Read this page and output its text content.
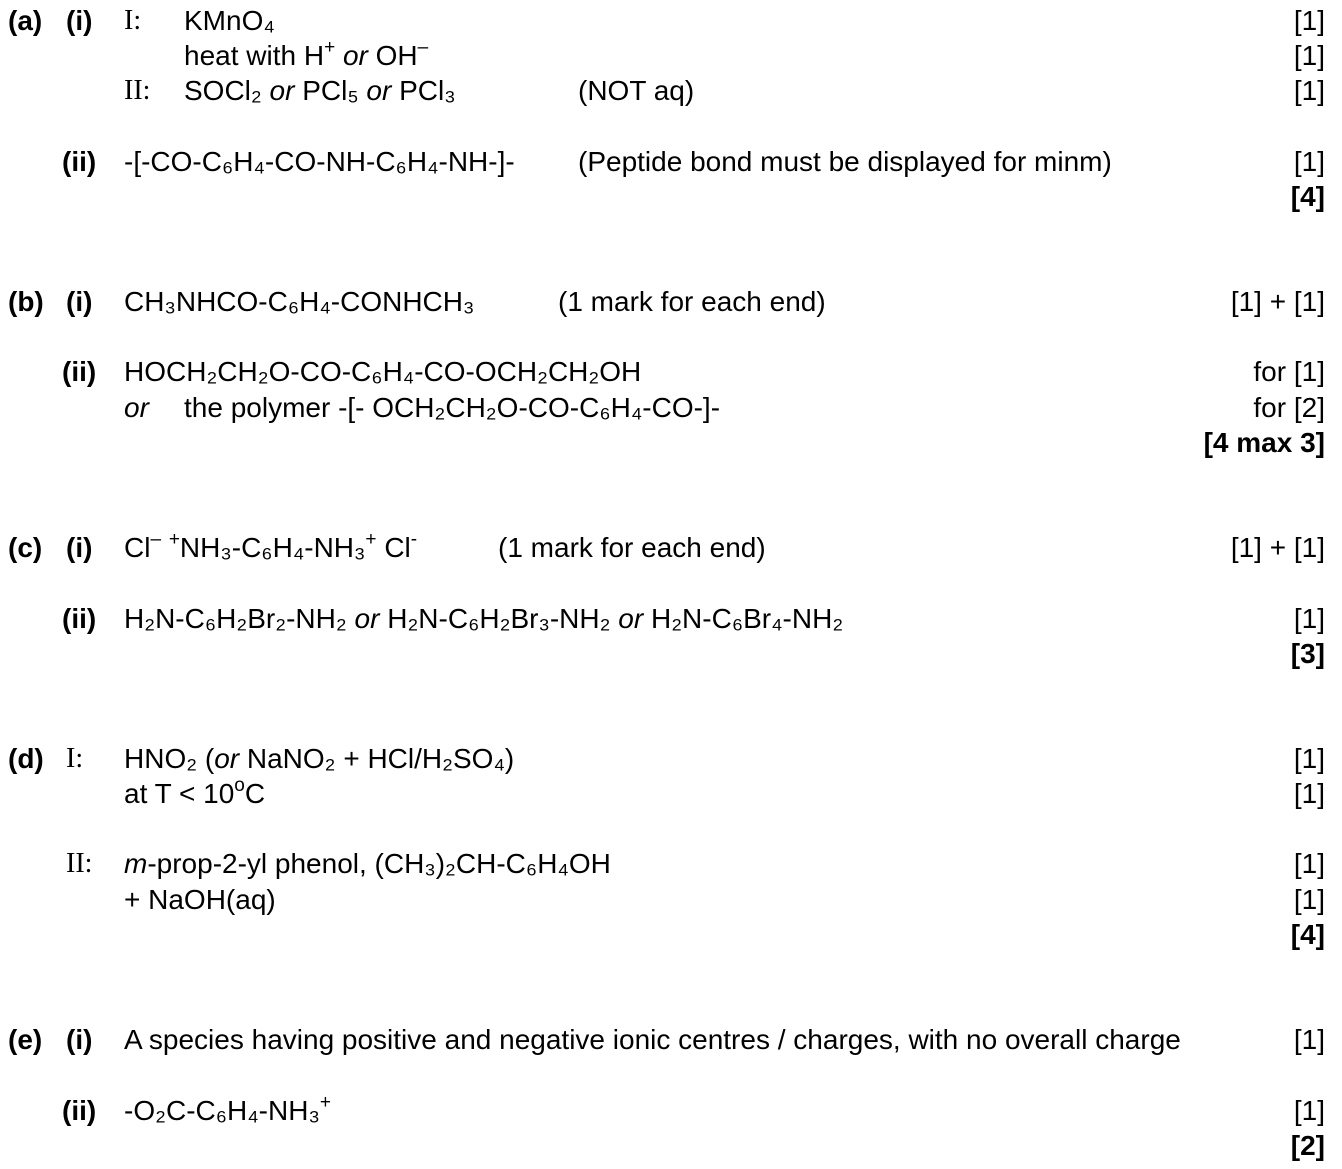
(a) (i) I: KMnO₄	[1]
heat with H+ or OH–	[1]
II: SOCl₂ or PCl₅ or PCl₃	(NOT aq)	[1]
(ii) -[-CO-C₆H₄-CO-NH-C₆H₄-NH-]- (Peptide bond must be displayed for minm)	[1]
[4]
(b) (i) CH₃NHCO-C₆H₄-CONHCH₃	(1 mark for each end)	[1] + [1]
(ii) HOCH₂CH₂O-CO-C₆H₄-CO-OCH₂CH₂OH	for [1]
or the polymer -[- OCH₂CH₂O-CO-C₆H₄-CO-]-	for [2]
[4 max 3]
(c) (i) Cl– +NH₃-C₆H₄-NH₃+ Cl-	(1 mark for each end)	[1] + [1]
(ii) H₂N-C₆H₂Br₂-NH₂ or H₂N-C₆H₂Br₃-NH₂ or H₂N-C₆Br₄-NH₂	[1]
[3]
(d) I: HNO₂ (or NaNO₂ + HCl/H₂SO₄)	[1]
at $T < 10^oC$	[1]
II: m-prop-2-yl phenol, (CH₃)₂CH-C₆H₄OH	[1]
+ NaOH(aq)	[1]
[4]
(e) (i) A species having positive and negative ionic centres / charges, with no overall charge	[1]
(ii) -O₂C-C₆H₄-NH₃+	[1]
[2]
